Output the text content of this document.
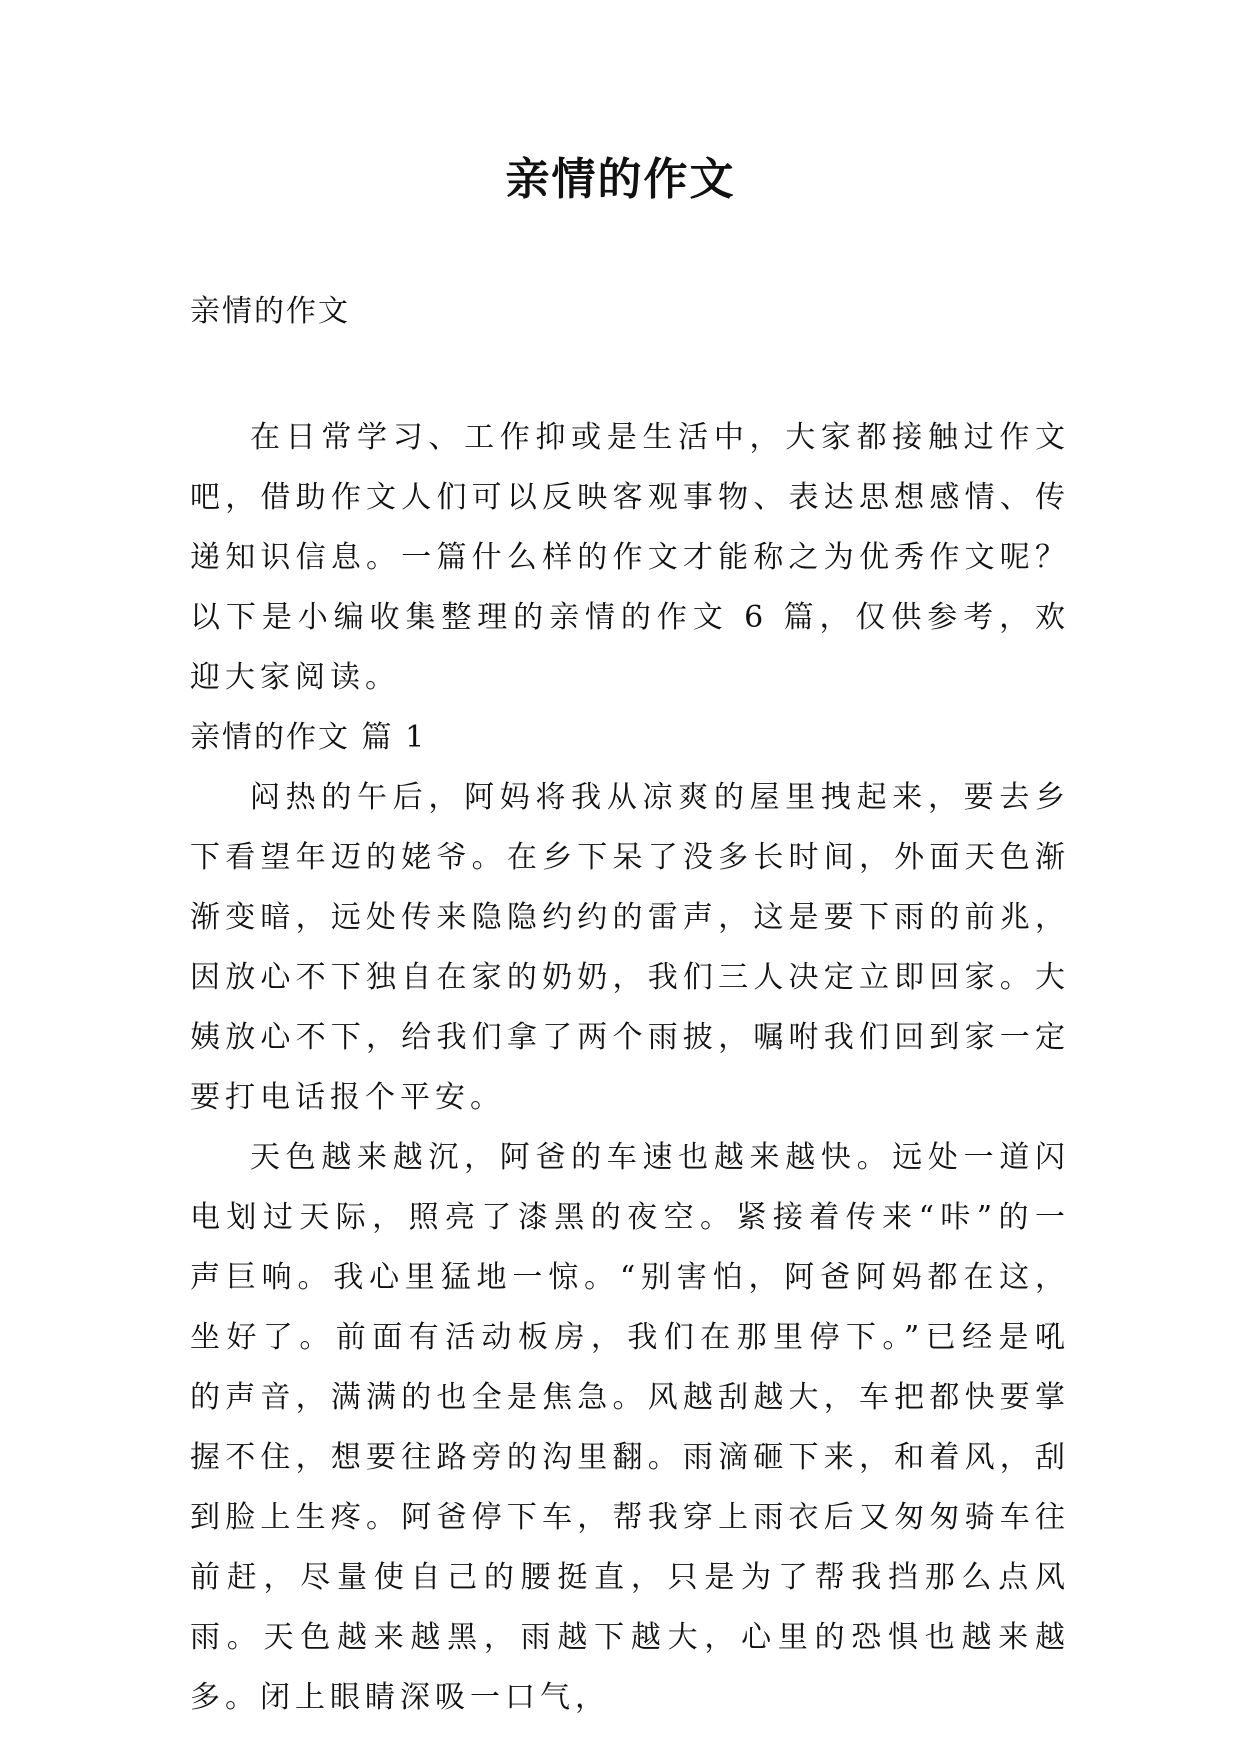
亲情的作文
亲情的作文

在日常学习、工作抑或是生活中，大家都接触过作文吧，借助作文人们可以反映客观事物、表达思想感情、传递知识信息。一篇什么样的作文才能称之为优秀作文呢？以下是小编收集整理的亲情的作文 6 篇，仅供参考，欢迎大家阅读。

亲情的作文 篇 1

闷热的午后，阿妈将我从凉爽的屋里拽起来，要去乡下看望年迈的姥爷。在乡下呆了没多长时间，外面天色渐渐变暗，远处传来隐隐约约的雷声，这是要下雨的前兆，因放心不下独自在家的奶奶，我们三人决定立即回家。大姨放心不下，给我们拿了两个雨披，嘱咐我们回到家一定要打电话报个平安。

天色越来越沉，阿爸的车速也越来越快。远处一道闪电划过天际，照亮了漆黑的夜空。紧接着传来“咔”的一声巨响。我心里猛地一惊。“别害怕，阿爸阿妈都在这，坐好了。前面有活动板房，我们在那里停下。”已经是吼的声音，满满的也全是焦急。风越刮越大，车把都快要掌握不住，想要往路旁的沟里翻。雨滴砸下来，和着风，刮到脸上生疼。阿爸停下车，帮我穿上雨衣后又匆匆骑车往前赶，尽量使自己的腰挺直，只是为了帮我挡那么点风雨。天色越来越黑，雨越下越大，心里的恐惧也越来越多。闭上眼睛深吸一口气，
